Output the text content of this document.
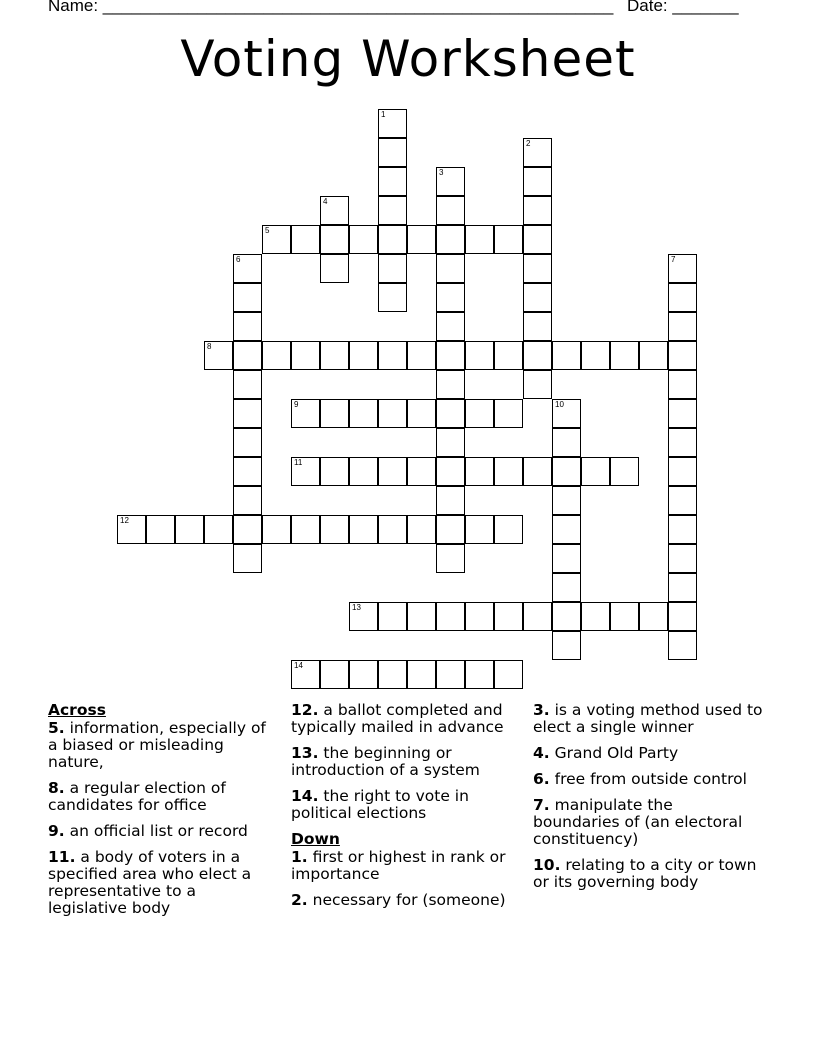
Name: ______________________________________________________ Date: _______
Voting Worksheet
1
2
3
4
5
6	7
8
9	10
11
12
13
14
Across
5. information, especially of a biased or misleading nature,
8. a regular election of candidates for office
9. an official list or record
11. a body of voters in a specified area who elect a representative to a legislative body
12. a ballot completed and typically mailed in advance
13. the beginning or introduction of a system
14. the right to vote in political elections
Down
1. first or highest in rank or importance
2. necessary for (someone)
3. is a voting method used to elect a single winner
4. Grand Old Party
6. free from outside control
7. manipulate the boundaries of (an electoral constituency)
10. relating to a city or town or its governing body
